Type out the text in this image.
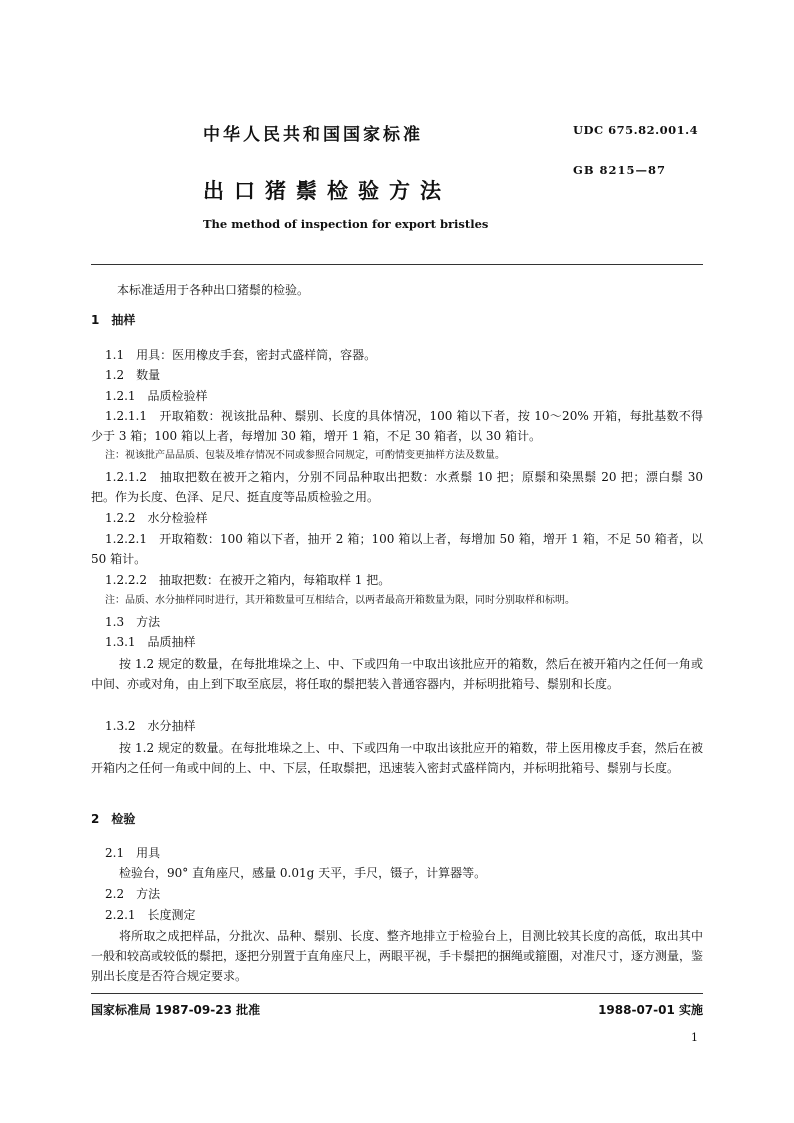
中华人民共和国国家标准	UDC 675.82.001.4
GB 8215—87
出口猪鬃检验方法
The method of inspection for export bristles
本标准适用于各种出口猪鬃的检验。
1　抽样
1.1　用具：医用橡皮手套，密封式盛样筒，容器。
1.2　数量
1.2.1　品质检验样
1.2.1.1　开取箱数：视该批品种、鬃别、长度的具体情况，100 箱以下者，按 10～20% 开箱，每批基数不得少于 3 箱；100 箱以上者，每增加 30 箱，增开 1 箱，不足 30 箱者，以 30 箱计。
注：视该批产品品质、包装及堆存情况不同或参照合同规定，可酌情变更抽样方法及数量。
1.2.1.2　抽取把数在被开之箱内，分别不同品种取出把数：水煮鬃 10 把；原鬃和染黑鬃 20 把；漂白鬃 30 把。作为长度、色泽、足尺、挺直度等品质检验之用。
1.2.2　水分检验样
1.2.2.1　开取箱数：100 箱以下者，抽开 2 箱；100 箱以上者，每增加 50 箱，增开 1 箱，不足 50 箱者，以 50 箱计。
1.2.2.2　抽取把数：在被开之箱内，每箱取样 1 把。
注：品质、水分抽样同时进行，其开箱数量可互相结合，以两者最高开箱数量为限，同时分别取样和标明。
1.3　方法
1.3.1　品质抽样
按 1.2 规定的数量，在每批堆垛之上、中、下或四角一中取出该批应开的箱数，然后在被开箱内之任何一角或中间、亦或对角，由上到下取至底层，将任取的鬃把装入普通容器内，并标明批箱号、鬃别和长度。
1.3.2　水分抽样
按 1.2 规定的数量。在每批堆垛之上、中、下或四角一中取出该批应开的箱数，带上医用橡皮手套，然后在被开箱内之任何一角或中间的上、中、下层，任取鬃把，迅速装入密封式盛样筒内，并标明批箱号、鬃别与长度。
2　检验
2.1　用具
检验台，90° 直角座尺，感量 0.01g 天平，手尺，镊子，计算器等。
2.2　方法
2.2.1　长度测定
将所取之成把样品，分批次、品种、鬃别、长度、整齐地排立于检验台上，目测比较其长度的高低，取出其中一般和较高或较低的鬃把，逐把分别置于直角座尺上，两眼平视，手卡鬃把的捆绳或箍圈，对准尺寸，逐方测量，鉴别出长度是否符合规定要求。
国家标准局 1987-09-23 批准	1988-07-01 实施
1
